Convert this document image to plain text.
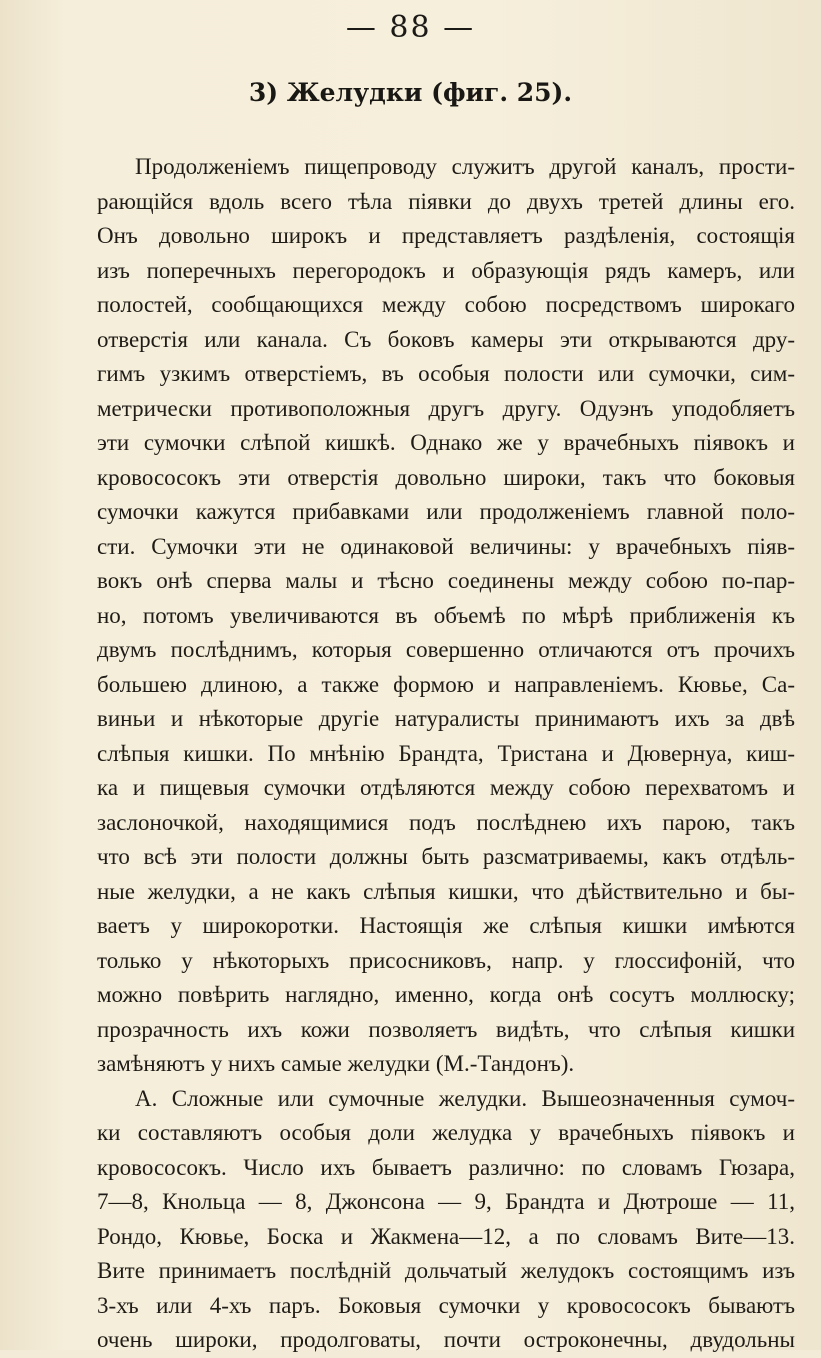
— 88 —
3) Желудки (фиг. 25).
Продолженіемъ пищепроводу служитъ другой каналъ, прости-
рающійся вдоль всего тѣла піявки до двухъ третей длины его.
Онъ довольно широкъ и представляетъ раздѣленія, состоящія
изъ поперечныхъ перегородокъ и образующія рядъ камеръ, или
полостей, сообщающихся между собою посредствомъ широкаго
отверстія или канала. Съ боковъ камеры эти открываются дру-
гимъ узкимъ отверстіемъ, въ особыя полости или сумочки, сим-
метрически противоположныя другъ другу. Одуэнъ уподобляетъ
эти сумочки слѣпой кишкѣ. Однако же у врачебныхъ піявокъ и
кровососокъ эти отверстія довольно широки, такъ что боковыя
сумочки кажутся прибавками или продолженіемъ главной поло-
сти. Сумочки эти не одинаковой величины: у врачебныхъ піяв-
вокъ онѣ сперва малы и тѣсно соединены между собою по-пар-
но, потомъ увеличиваются въ объемѣ по мѣрѣ приближенія къ
двумъ послѣднимъ, которыя совершенно отличаются отъ прочихъ
большею длиною, а также формою и направленіемъ. Кювье, Са-
виньи и нѣкоторые другіе натуралисты принимаютъ ихъ за двѣ
слѣпыя кишки. По мнѣнію Брандта, Тристана и Дювернуа, киш-
ка и пищевыя сумочки отдѣляются между собою перехватомъ и
заслоночкой, находящимися подъ послѣднею ихъ парою, такъ
что всѣ эти полости должны быть разсматриваемы, какъ отдѣль-
ные желудки, а не какъ слѣпыя кишки, что дѣйствительно и бы-
ваетъ у широкоротки. Настоящія же слѣпыя кишки имѣются
только у нѣкоторыхъ присосниковъ, напр. у глоссифоній, что
можно повѣрить наглядно, именно, когда онѣ сосутъ моллюску;
прозрачность ихъ кожи позволяетъ видѣть, что слѣпыя кишки
замѣняютъ у нихъ самые желудки (М.-Тандонъ).
А. Сложные или сумочные желудки. Вышеозначенныя сумоч-
ки составляютъ особыя доли желудка у врачебныхъ піявокъ и
кровососокъ. Число ихъ бываетъ различно: по словамъ Гюзара,
7—8, Кнольца — 8, Джонсона — 9, Брандта и Дютроше — 11,
Рондо, Кювье, Боска и Жакмена—12, а по словамъ Вите—13.
Вите принимаетъ послѣдній дольчатый желудокъ состоящимъ изъ
3-хъ или 4-хъ паръ. Боковыя сумочки у кровососокъ бываютъ
очень широки, продолговаты, почти остроконечны, двудольны
